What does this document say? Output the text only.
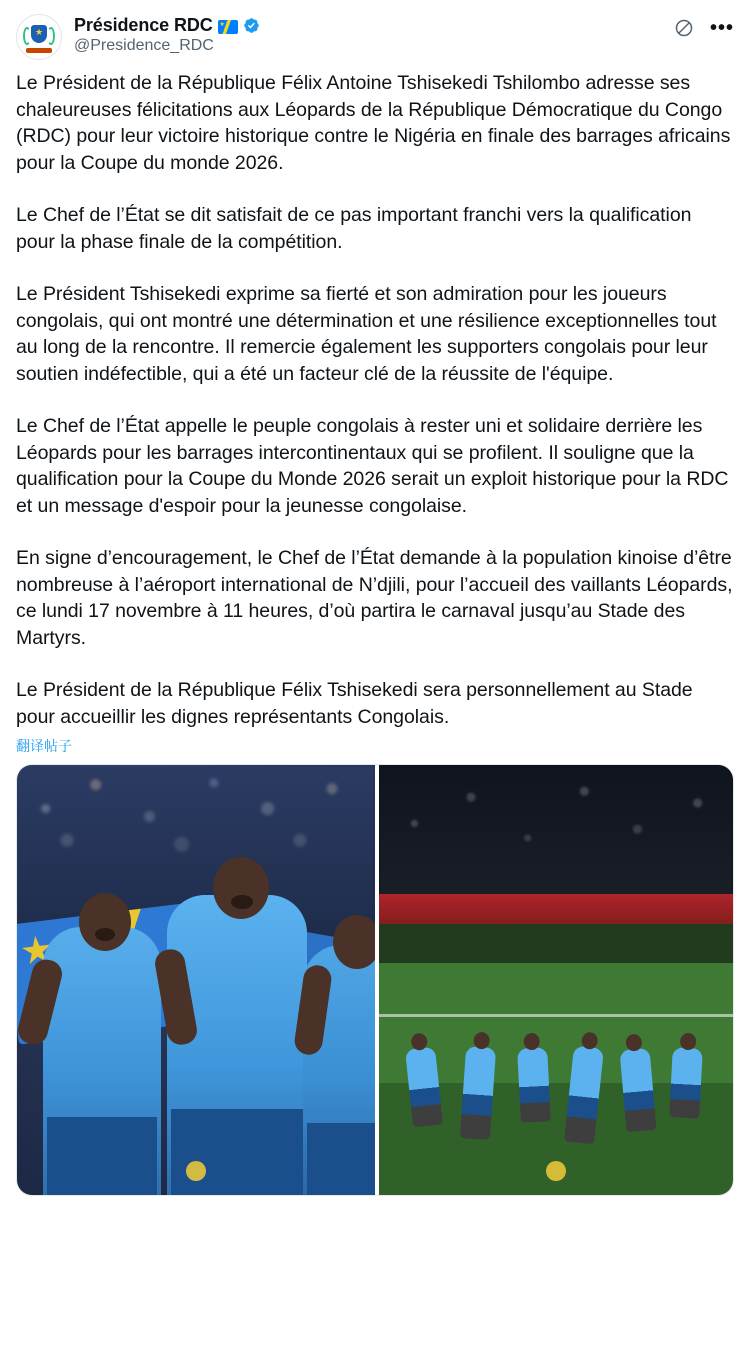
★ Présidence RDC
@Presidence_RDC
•••

Le Président de la République Félix Antoine Tshisekedi Tshilombo adresse ses chaleureuses félicitations aux Léopards de la République Démocratique du Congo (RDC) pour leur victoire historique contre le Nigéria en finale des barrages africains pour la Coupe du monde 2026.

Le Chef de l’État se dit satisfait de ce pas important franchi vers la qualification pour la phase finale de la compétition.

Le Président Tshisekedi exprime sa fierté et son admiration pour les joueurs congolais, qui ont montré une détermination et une résilience exceptionnelles tout au long de la rencontre. Il remercie également les supporters congolais pour leur soutien indéfectible, qui a été un facteur clé de la réussite de l'équipe.

Le Chef de l’État appelle le peuple congolais à rester uni et solidaire derrière les Léopards pour les barrages intercontinentaux qui se profilent. Il souligne que la qualification pour la Coupe du Monde 2026 serait un exploit historique pour la RDC et un message d'espoir pour la jeunesse congolaise.

En signe d’encouragement, le Chef de l’État demande à la population kinoise d’être nombreuse à l’aéroport international de N’djili, pour l’accueil des vaillants Léopards, ce lundi 17 novembre à 11 heures, d’où partira le carnaval jusqu’au Stade des Martyrs.

Le Président de la République Félix Tshisekedi sera personnellement au Stade pour accueillir les dignes représentants Congolais.

翻译帖子
